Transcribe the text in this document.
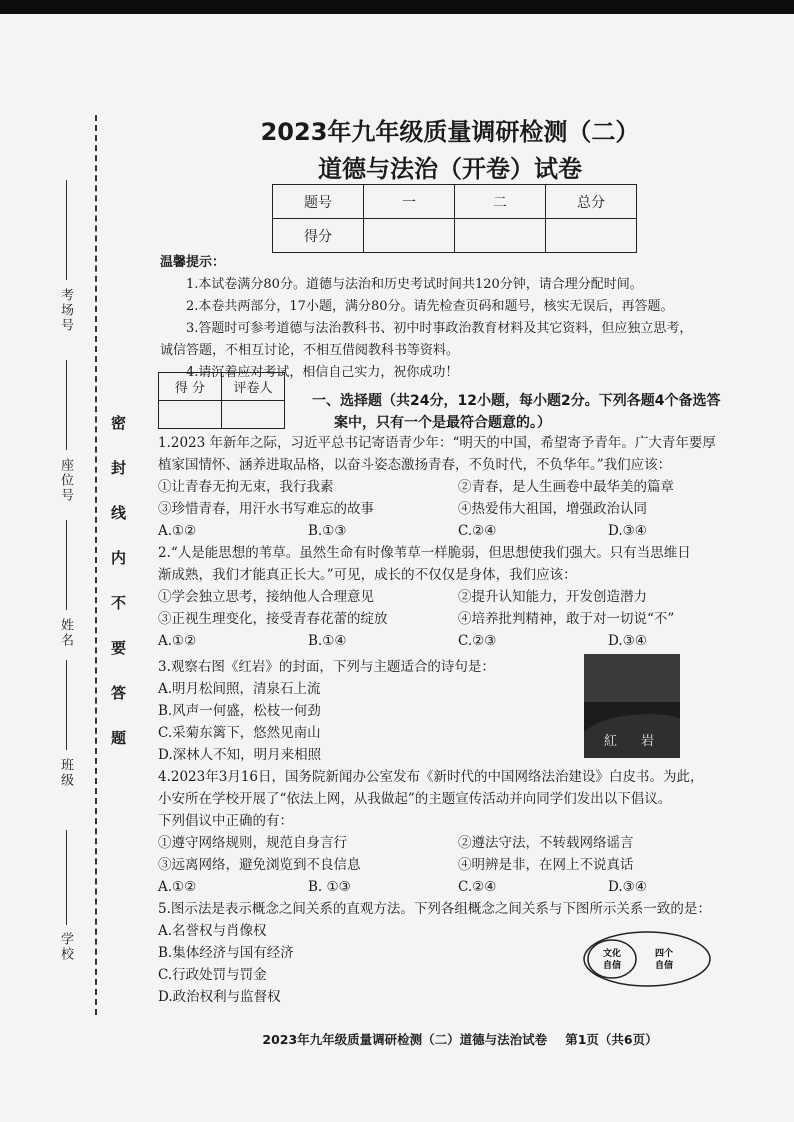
考场号
座位号
姓名
班级
学校
密封线内不要答题
2023年九年级质量调研检测（二）
道德与法治（开卷）试卷
题号	一	二	总分
得分			

温馨提示：

1.本试卷满分80分。道德与法治和历史考试时间共120分钟，请合理分配时间。

2.本卷共两部分，17小题，满分80分。请先检查页码和题号，核实无误后，再答题。

3.答题时可参考道德与法治教科书、初中时事政治教育材料及其它资料，但应独立思考，

诚信答题，不相互讨论，不相互借阅教科书等资料。

4.请沉着应对考试，相信自己实力，祝你成功！

得 分	评卷人

一、选择题（共24分，12小题，每小题2分。下列各题4个备选答
案中，只有一个是最符合题意的。）

1.2023 年新年之际，习近平总书记寄语青少年：“明天的中国，希望寄予青年。广大青年要厚

植家国情怀、涵养进取品格，以奋斗姿态激扬青春，不负时代，不负华年。”我们应该：

①让青春无拘无束，我行我素	②青春，是人生画卷中最华美的篇章
③珍惜青春，用汗水书写难忘的故事	④热爱伟大祖国，增强政治认同
A.①②	B.①③	C.②④	D.③④

2.“人是能思想的苇草。虽然生命有时像苇草一样脆弱，但思想使我们强大。只有当思维日

渐成熟，我们才能真正长大。”可见，成长的不仅仅是身体，我们应该：

①学会独立思考，接纳他人合理意见	②提升认知能力，开发创造潜力
③正视生理变化，接受青春花蕾的绽放	④培养批判精神，敢于对一切说“不”
A.①②	B.①④	C.②③	D.③④

3.观察右图《红岩》的封面，下列与主题适合的诗句是：

A.明月松间照，清泉石上流

B.风声一何盛，松枝一何劲

C.采菊东篱下，悠然见南山

D.深林人不知，明月来相照

4.2023年3月16日，国务院新闻办公室发布《新时代的中国网络法治建设》白皮书。为此，

小安所在学校开展了“依法上网，从我做起”的主题宣传活动并向同学们发出以下倡议。

下列倡议中正确的有：

①遵守网络规则，规范自身言行	②遵法守法，不转载网络谣言
③远离网络，避免浏览到不良信息	④明辨是非，在网上不说真话
A.①②	B. ①③	C.②④	D.③④

5.图示法是表示概念之间关系的直观方法。下列各组概念之间关系与下图所示关系一致的是：

A.名誉权与肖像权

B.集体经济与国有经济

C.行政处罚与罚金

D.政治权利与监督权

紅 岩
文化
自信
四个
自信
2023年九年级质量调研检测（二）道德与法治试卷 第1页（共6页）
